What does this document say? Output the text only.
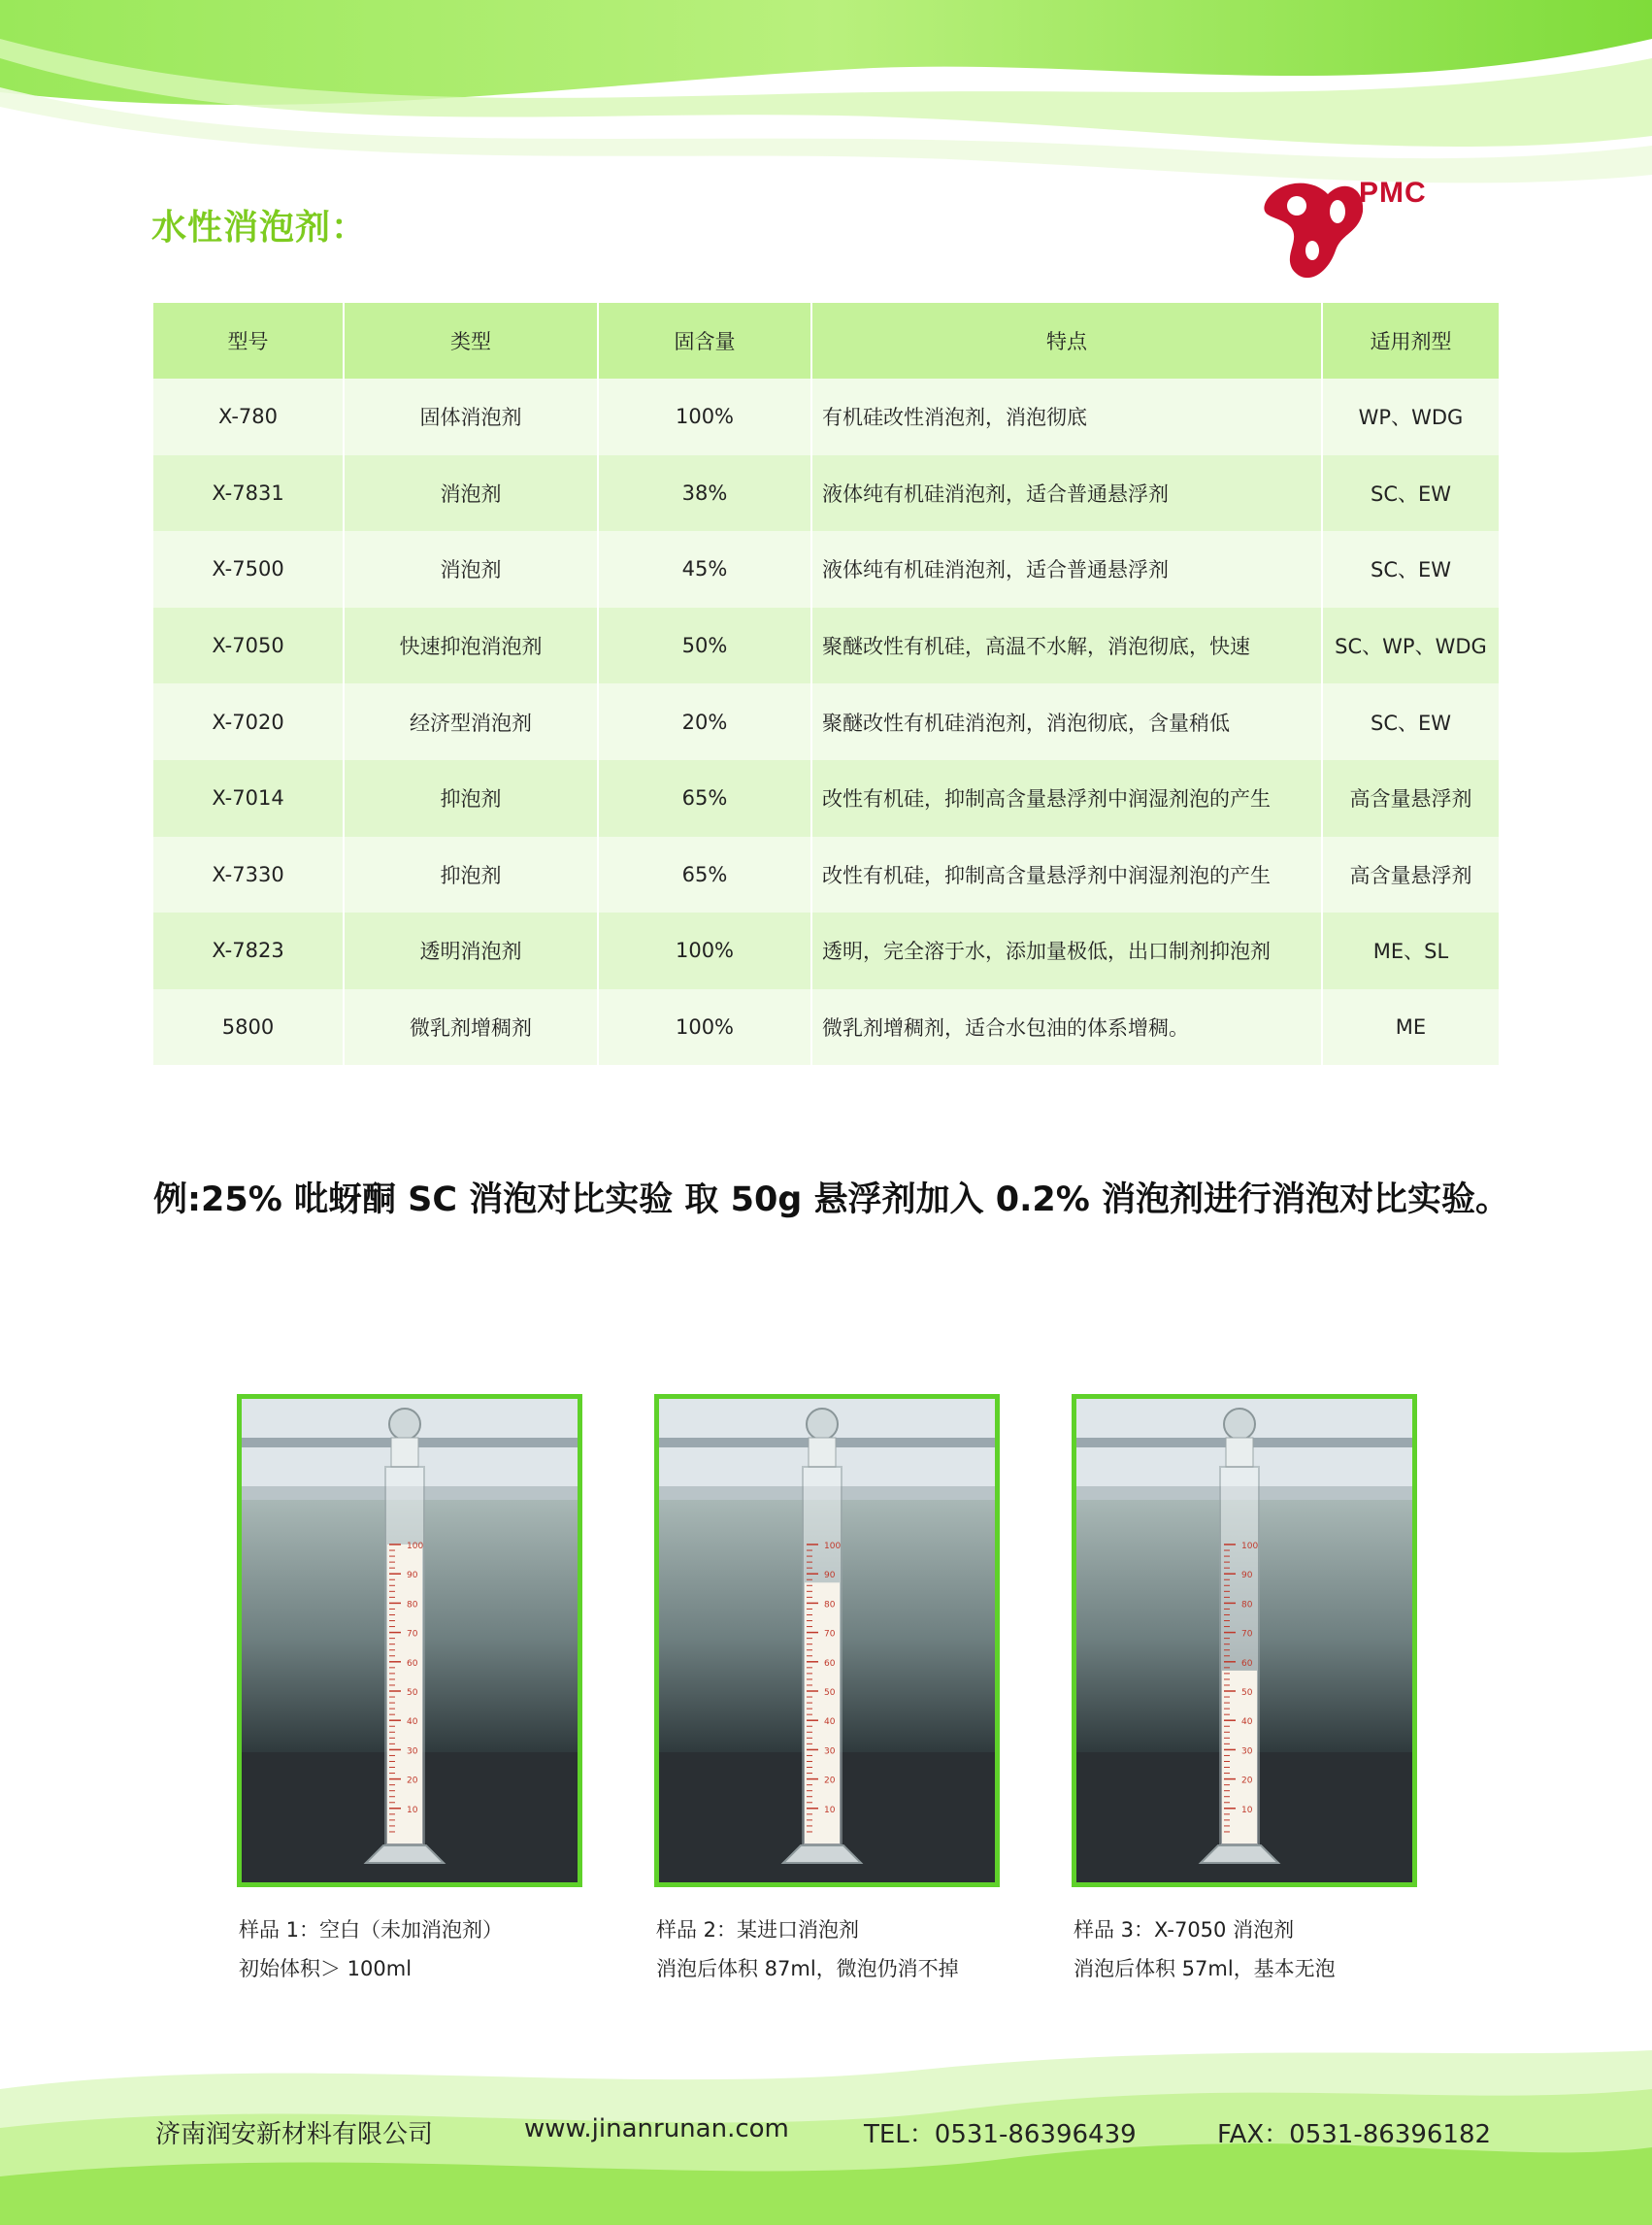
水性消泡剂：
PMC
型号	类型	固含量	特点	适用剂型
X-780	固体消泡剂	100%	有机硅改性消泡剂，消泡彻底	WP、WDG
X-7831	消泡剂	38%	液体纯有机硅消泡剂，适合普通悬浮剂	SC、EW
X-7500	消泡剂	45%	液体纯有机硅消泡剂，适合普通悬浮剂	SC、EW
X-7050	快速抑泡消泡剂	50%	聚醚改性有机硅，高温不水解，消泡彻底，快速	SC、WP、WDG
X-7020	经济型消泡剂	20%	聚醚改性有机硅消泡剂，消泡彻底，含量稍低	SC、EW
X-7014	抑泡剂	65%	改性有机硅，抑制高含量悬浮剂中润湿剂泡的产生	高含量悬浮剂
X-7330	抑泡剂	65%	改性有机硅，抑制高含量悬浮剂中润湿剂泡的产生	高含量悬浮剂
X-7823	透明消泡剂	100%	透明，完全溶于水，添加量极低，出口制剂抑泡剂	ME、SL
5800	微乳剂增稠剂	100%	微乳剂增稠剂，适合水包油的体系增稠。	ME
例:25% 吡蚜酮 SC 消泡对比实验 取 50g 悬浮剂加入 0.2% 消泡剂进行消泡对比实验。
100
90
80
70
60
50
40
30
20
10
100
90
80
70
60
50
40
30
20
10
100
90
80
70
60
50
40
30
20
10
样品 1：空白（未加消泡剂）
初始体积＞ 100ml
样品 2：某进口消泡剂
消泡后体积 87ml，微泡仍消不掉
样品 3：X-7050 消泡剂
消泡后体积 57ml，基本无泡
济南润安新材料有限公司	www.jinanrunan.com	TEL：0531-86396439	FAX：0531-86396182
